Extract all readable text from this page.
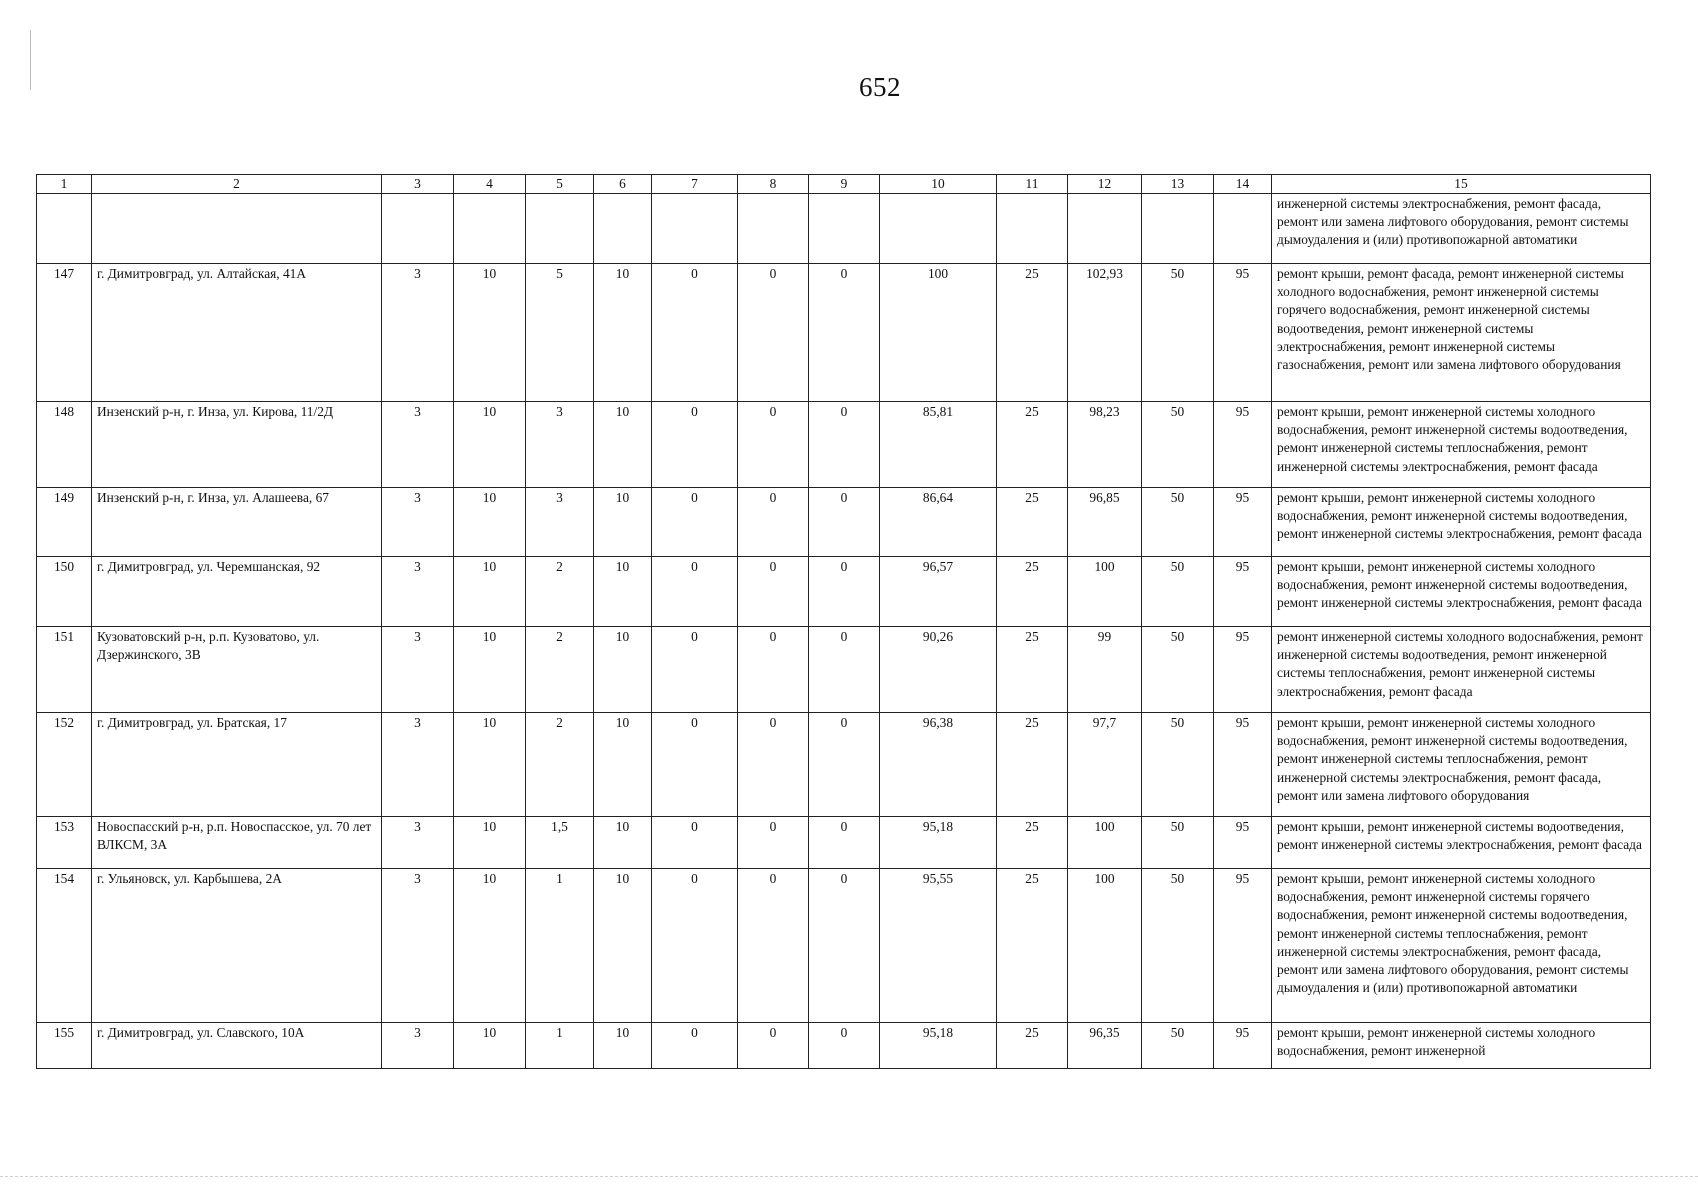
652
1	2	3	4	5	6	7	8	9	10	11	12	13	14	15
														инженерной системы электроснабжения, ремонт фасада, ремонт или замена лифтового оборудования, ремонт системы дымоудаления и (или) противопожарной автоматики
147	г. Димитровград, ул. Алтайская, 41А	3	10	5	10	0	0	0	100	25	102,93	50	95	ремонт крыши, ремонт фасада, ремонт инженерной системы холодного водоснабжения, ремонт инженерной системы горячего водоснабжения, ремонт инженерной системы водоотведения, ремонт инженерной системы электроснабжения, ремонт инженерной системы газоснабжения, ремонт или замена лифтового оборудования
148	Инзенский р-н, г. Инза, ул. Кирова, 11/2Д	3	10	3	10	0	0	0	85,81	25	98,23	50	95	ремонт крыши, ремонт инженерной системы холодного водоснабжения, ремонт инженерной системы водоотведения, ремонт инженерной системы теплоснабжения, ремонт инженерной системы электроснабжения, ремонт фасада
149	Инзенский р-н, г. Инза, ул. Алашеева, 67	3	10	3	10	0	0	0	86,64	25	96,85	50	95	ремонт крыши, ремонт инженерной системы холодного водоснабжения, ремонт инженерной системы водоотведения, ремонт инженерной системы электроснабжения, ремонт фасада
150	г. Димитровград, ул. Черемшанская, 92	3	10	2	10	0	0	0	96,57	25	100	50	95	ремонт крыши, ремонт инженерной системы холодного водоснабжения, ремонт инженерной системы водоотведения, ремонт инженерной системы электроснабжения, ремонт фасада
151	Кузоватовский р-н, р.п. Кузоватово, ул. Дзержинского, 3В	3	10	2	10	0	0	0	90,26	25	99	50	95	ремонт инженерной системы холодного водоснабжения, ремонт инженерной системы водоотведения, ремонт инженерной системы теплоснабжения, ремонт инженерной системы электроснабжения, ремонт фасада
152	г. Димитровград, ул. Братская, 17	3	10	2	10	0	0	0	96,38	25	97,7	50	95	ремонт крыши, ремонт инженерной системы холодного водоснабжения, ремонт инженерной системы водоотведения, ремонт инженерной системы теплоснабжения, ремонт инженерной системы электроснабжения, ремонт фасада, ремонт или замена лифтового оборудования
153	Новоспасский р-н, р.п. Новоспасское, ул. 70 лет ВЛКСМ, 3А	3	10	1,5	10	0	0	0	95,18	25	100	50	95	ремонт крыши, ремонт инженерной системы водоотведения, ремонт инженерной системы электроснабжения, ремонт фасада
154	г. Ульяновск, ул. Карбышева, 2А	3	10	1	10	0	0	0	95,55	25	100	50	95	ремонт крыши, ремонт инженерной системы холодного водоснабжения, ремонт инженерной системы горячего водоснабжения, ремонт инженерной системы водоотведения, ремонт инженерной системы теплоснабжения, ремонт инженерной системы электроснабжения, ремонт фасада, ремонт или замена лифтового оборудования, ремонт системы дымоудаления и (или) противопожарной автоматики
155	г. Димитровград, ул. Славского, 10А	3	10	1	10	0	0	0	95,18	25	96,35	50	95	ремонт крыши, ремонт инженерной системы холодного водоснабжения, ремонт инженерной
